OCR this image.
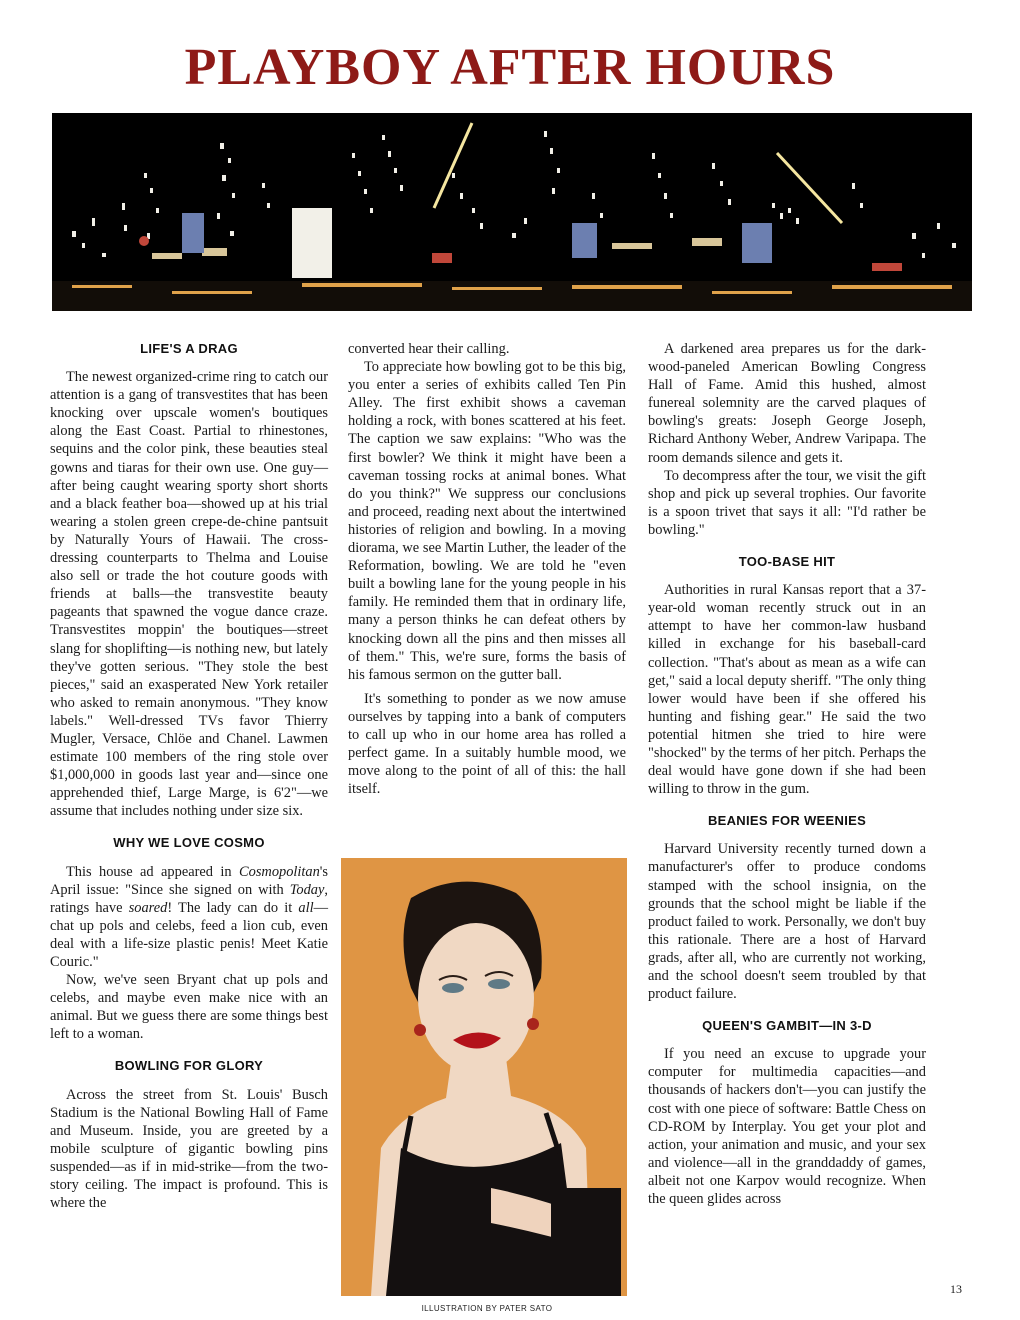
PLAYBOY AFTER HOURS
LIFE'S A DRAG

The newest organized-crime ring to catch our attention is a gang of transvestites that has been knocking over upscale women's boutiques along the East Coast. Partial to rhinestones, sequins and the color pink, these beauties steal gowns and tiaras for their own use. One guy—after being caught wearing sporty short shorts and a black feather boa—showed up at his trial wearing a stolen green crepe-de-chine pantsuit by Naturally Yours of Hawaii. The cross-dressing counterparts to Thelma and Louise also sell or trade the hot couture goods with friends at balls—the transvestite beauty pageants that spawned the vogue dance craze. Transvestites moppin' the boutiques—street slang for shoplifting—is nothing new, but lately they've gotten serious. "They stole the best pieces," said an exasperated New York retailer who asked to remain anonymous. "They know labels." Well-dressed TVs favor Thierry Mugler, Versace, Chlöe and Chanel. Lawmen estimate 100 members of the ring stole over $1,000,000 in goods last year and—since one apprehended thief, Large Marge, is 6'2"—we assume that includes nothing under size six.

WHY WE LOVE COSMO

This house ad appeared in Cosmopolitan's April issue: "Since she signed on with Today, ratings have soared! The lady can do it all—chat up pols and celebs, feed a lion cub, even deal with a life-size plastic penis! Meet Katie Couric."

Now, we've seen Bryant chat up pols and celebs, and maybe even make nice with an animal. But we guess there are some things best left to a woman.

BOWLING FOR GLORY

Across the street from St. Louis' Busch Stadium is the National Bowling Hall of Fame and Museum. Inside, you are greeted by a mobile sculpture of gigantic bowling pins suspended—as if in mid-strike—from the two-story ceiling. The impact is profound. This is where the

converted hear their calling.

To appreciate how bowling got to be this big, you enter a series of exhibits called Ten Pin Alley. The first exhibit shows a caveman holding a rock, with bones scattered at his feet. The caption we saw explains: "Who was the first bowler? We think it might have been a caveman tossing rocks at animal bones. What do you think?" We suppress our conclusions and proceed, reading next about the intertwined histories of religion and bowling. In a moving diorama, we see Martin Luther, the leader of the Reformation, bowling. We are told he "even built a bowling lane for the young people in his family. He reminded them that in ordinary life, many a person thinks he can defeat others by knocking down all the pins and then misses all of them." This, we're sure, forms the basis of his famous sermon on the gutter ball.

It's something to ponder as we now amuse ourselves by tapping into a bank of computers to call up who in our home area has rolled a perfect game. In a suitably humble mood, we move along to the point of all of this: the hall itself.

ILLUSTRATION BY PATER SATO

A darkened area prepares us for the dark-wood-paneled American Bowling Congress Hall of Fame. Amid this hushed, almost funereal solemnity are the carved plaques of bowling's greats: Joseph George Joseph, Richard Anthony Weber, Andrew Varipapa. The room demands silence and gets it.

To decompress after the tour, we visit the gift shop and pick up several trophies. Our favorite is a spoon trivet that says it all: "I'd rather be bowling."

TOO-BASE HIT

Authorities in rural Kansas report that a 37-year-old woman recently struck out in an attempt to have her common-law husband killed in exchange for his baseball-card collection. "That's about as mean as a wife can get," said a local deputy sheriff. "The only thing lower would have been if she offered his hunting and fishing gear." He said the two potential hitmen she tried to hire were "shocked" by the terms of her pitch. Perhaps the deal would have gone down if she had been willing to throw in the gum.

BEANIES FOR WEENIES

Harvard University recently turned down a manufacturer's offer to produce condoms stamped with the school insignia, on the grounds that the school might be liable if the product failed to work. Personally, we don't buy this rationale. There are a host of Harvard grads, after all, who are currently not working, and the school doesn't seem troubled by that product failure.

QUEEN'S GAMBIT—IN 3-D

If you need an excuse to upgrade your computer for multimedia capacities—and thousands of hackers don't—you can justify the cost with one piece of software: Battle Chess on CD-ROM by Interplay. You get your plot and action, your animation and music, and your sex and violence—all in the granddaddy of games, albeit not one Karpov would recognize. When the queen glides across

13
